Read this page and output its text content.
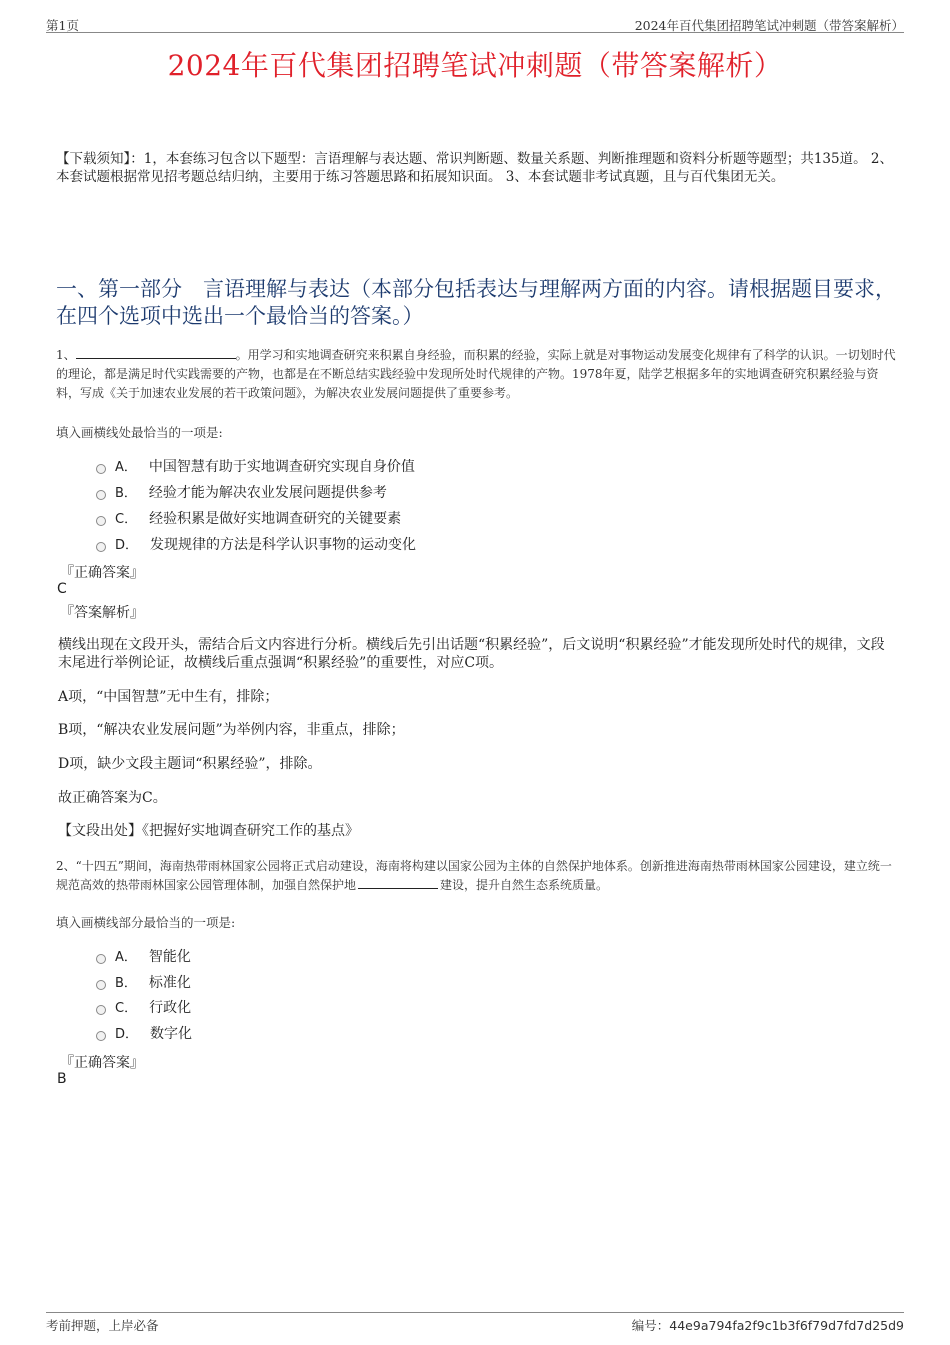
第1页	2024年百代集团招聘笔试冲刺题（带答案解析）
2024年百代集团招聘笔试冲刺题（带答案解析）
【下载须知】：1，本套练习包含以下题型：言语理解与表达题、常识判断题、数量关系题、判断推理题和资料分析题等题型；共135道。 2、本套试题根据常见招考题总结归纳，主要用于练习答题思路和拓展知识面。 3、本套试题非考试真题，且与百代集团无关。
一、第一部分　言语理解与表达（本部分包括表达与理解两方面的内容。请根据题目要求，在四个选项中选出一个最恰当的答案。）
1、	。用学习和实地调查研究来积累自身经验，而积累的经验，实际上就是对事物运动发展变化规律有了科学的认识。一切划时代的理论，都是满足时代实践需要的产物，也都是在不断总结实践经验中发现所处时代规律的产物。1978年夏，陆学艺根据多年的实地调查研究积累经验与资料，写成《关于加速农业发展的若干政策问题》，为解决农业发展问题提供了重要参考。
填入画横线处最恰当的一项是:
A． 中国智慧有助于实地调查研究实现自身价值
B． 经验才能为解决农业发展问题提供参考
C． 经验积累是做好实地调查研究的关键要素
D． 发现规律的方法是科学认识事物的运动变化
『正确答案』
C
『答案解析』
横线出现在文段开头，需结合后文内容进行分析。横线后先引出话题“积累经验”，后文说明“积累经验”才能发现所处时代的规律，文段末尾进行举例论证，故横线后重点强调“积累经验”的重要性，对应C项。
A项，“中国智慧”无中生有，排除；
B项，“解决农业发展问题”为举例内容，非重点，排除；
D项，缺少文段主题词“积累经验”，排除。
故正确答案为C。
【文段出处】《把握好实地调查研究工作的基点》
2、“十四五”期间，海南热带雨林国家公园将正式启动建设，海南将构建以国家公园为主体的自然保护地体系。创新推进海南热带雨林国家公园建设，建立统一规范高效的热带雨林国家公园管理体制，加强自然保护地	建设，提升自然生态系统质量。
填入画横线部分最恰当的一项是:
A． 智能化
B． 标准化
C． 行政化
D． 数字化
『正确答案』
B
考前押题，上岸必备	编号：44e9a794fa2f9c1b3f6f79d7fd7d25d9
